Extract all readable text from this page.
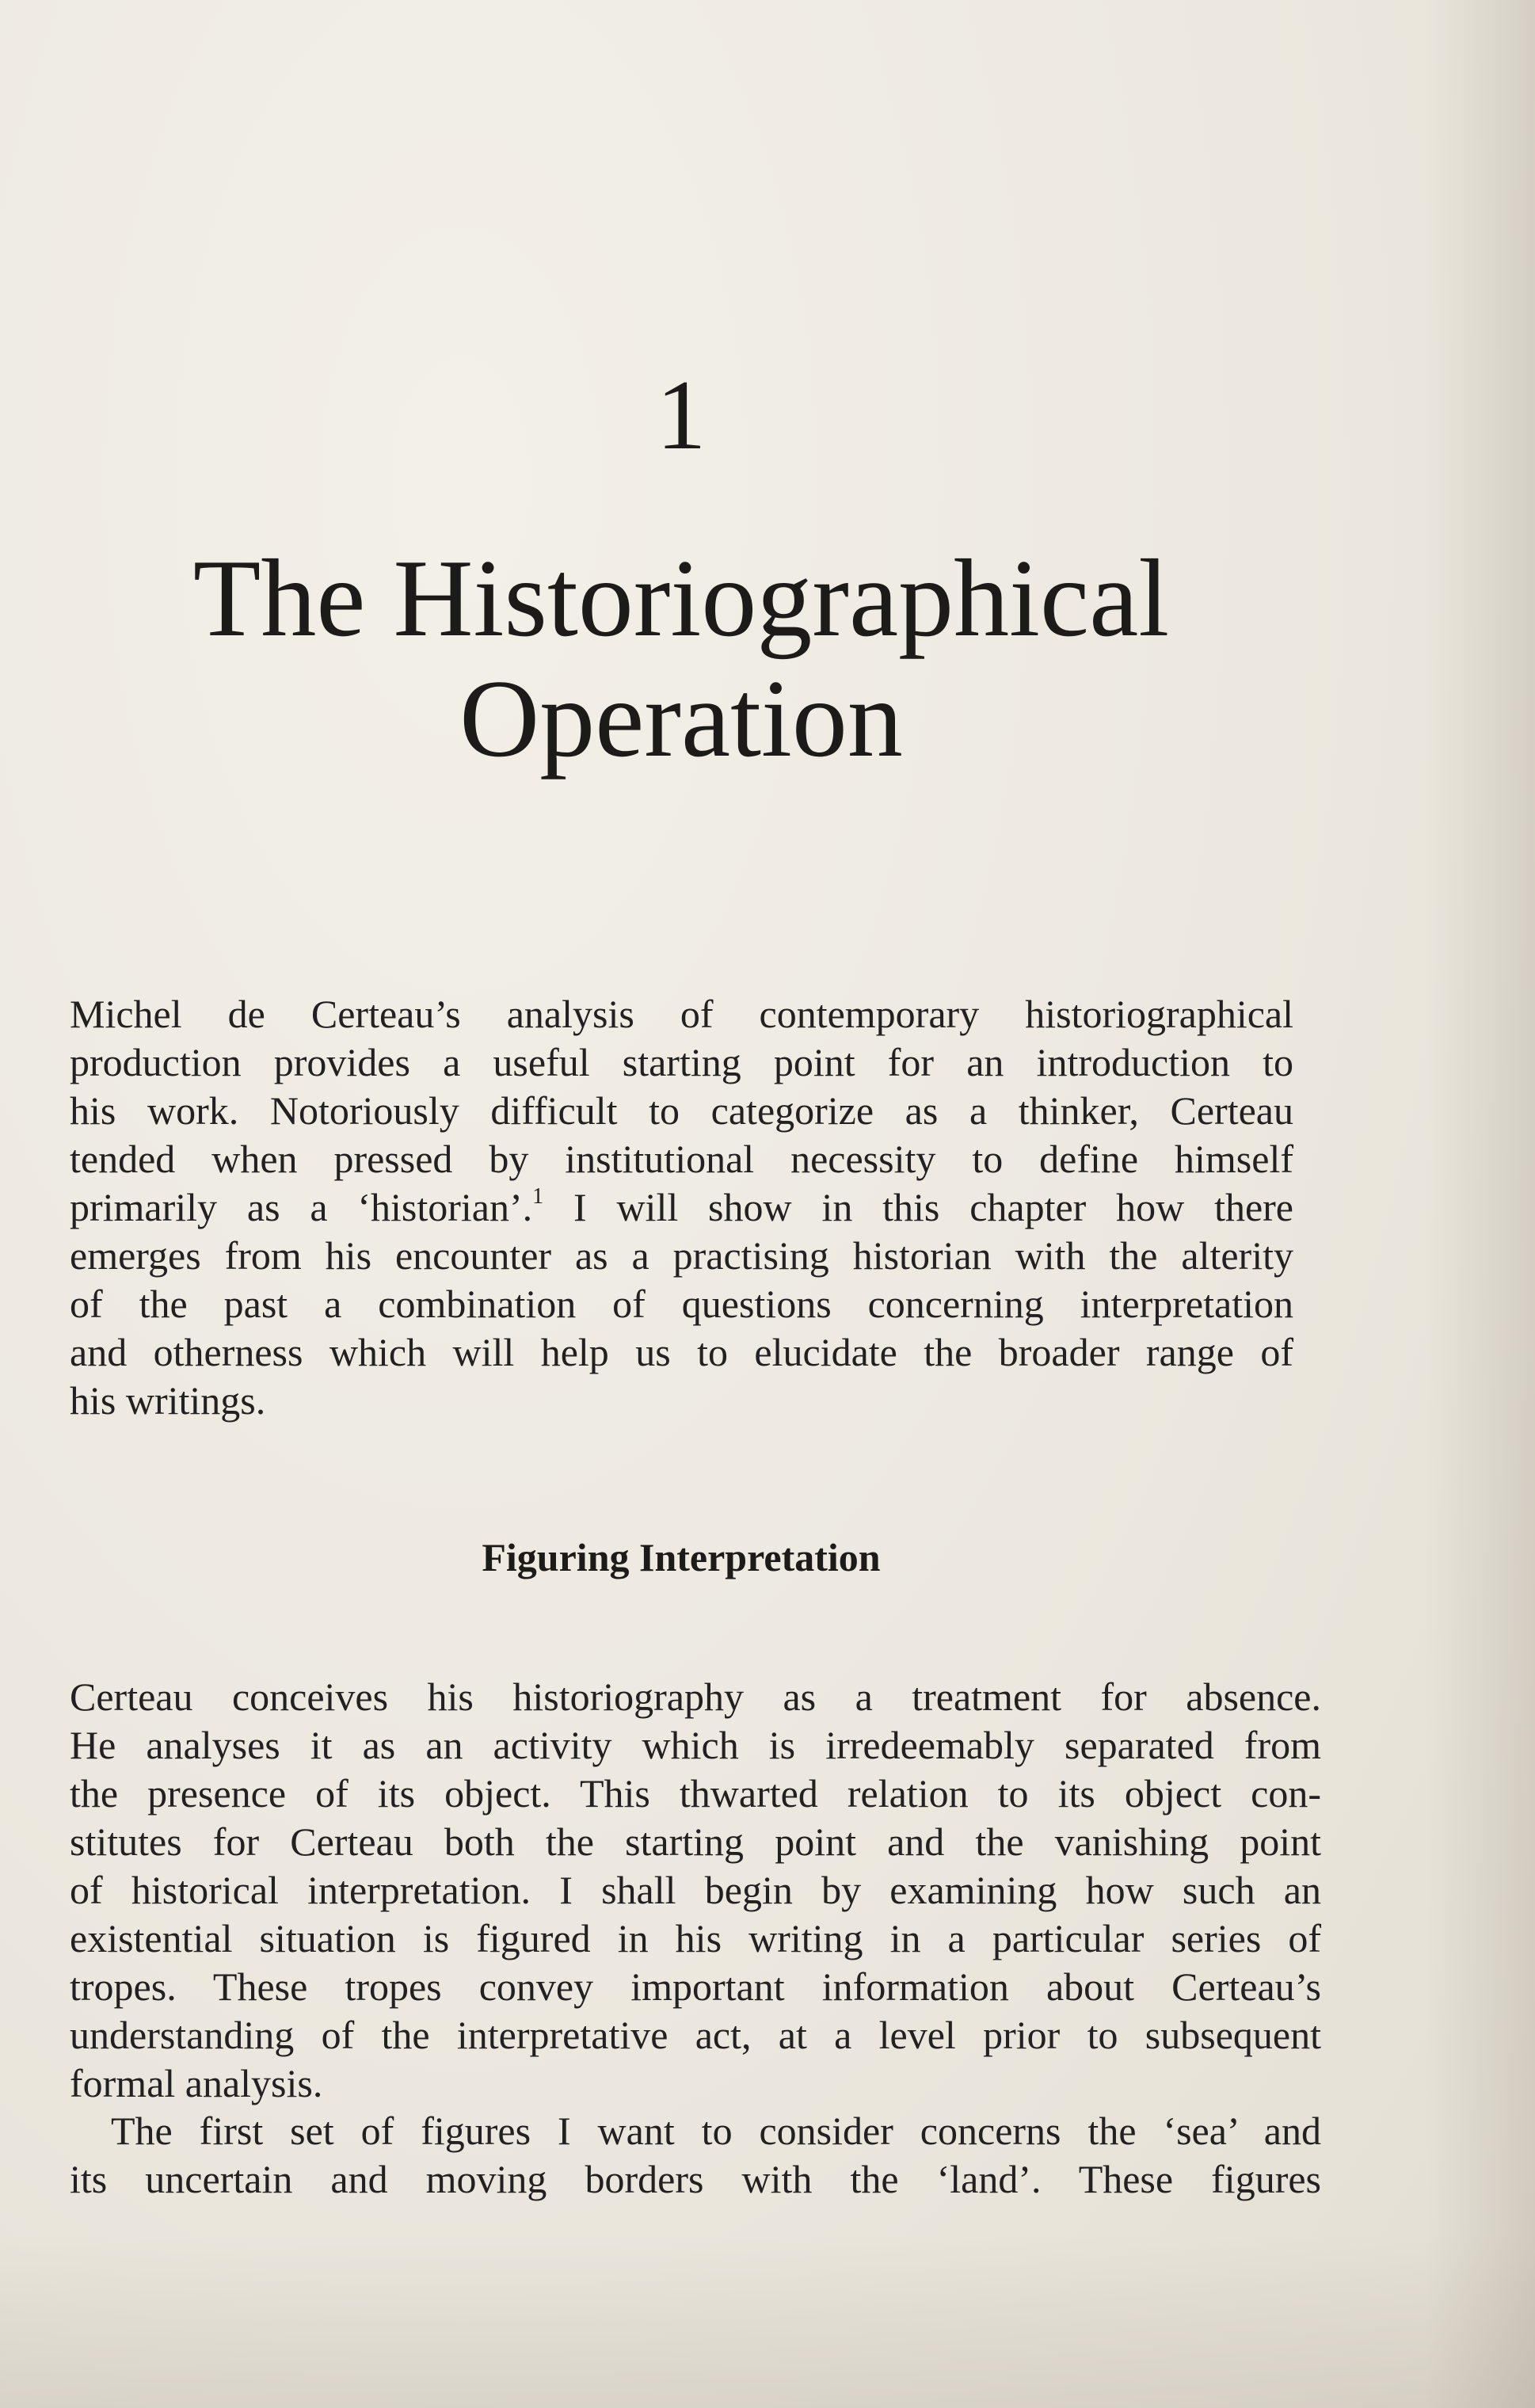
1
The Historiographical
Operation

Michel de Certeau’s analysis of contemporary historiographical
production provides a useful starting point for an introduction to
his work. Notoriously difficult to categorize as a thinker, Certeau
tended when pressed by institutional necessity to define himself
primarily as a ‘historian’.$^1$ I will show in this chapter how there
emerges from his encounter as a practising historian with the alterity
of the past a combination of questions concerning interpretation
and otherness which will help us to elucidate the broader range of
his writings.

Figuring Interpretation

Certeau conceives his historiography as a treatment for absence.
He analyses it as an activity which is irredeemably separated from
the presence of its object. This thwarted relation to its object con-
stitutes for Certeau both the starting point and the vanishing point
of historical interpretation. I shall begin by examining how such an
existential situation is figured in his writing in a particular series of
tropes. These tropes convey important information about Certeau’s
understanding of the interpretative act, at a level prior to subsequent
formal analysis.

The first set of figures I want to consider concerns the ‘sea’ and
its uncertain and moving borders with the ‘land’. These figures
